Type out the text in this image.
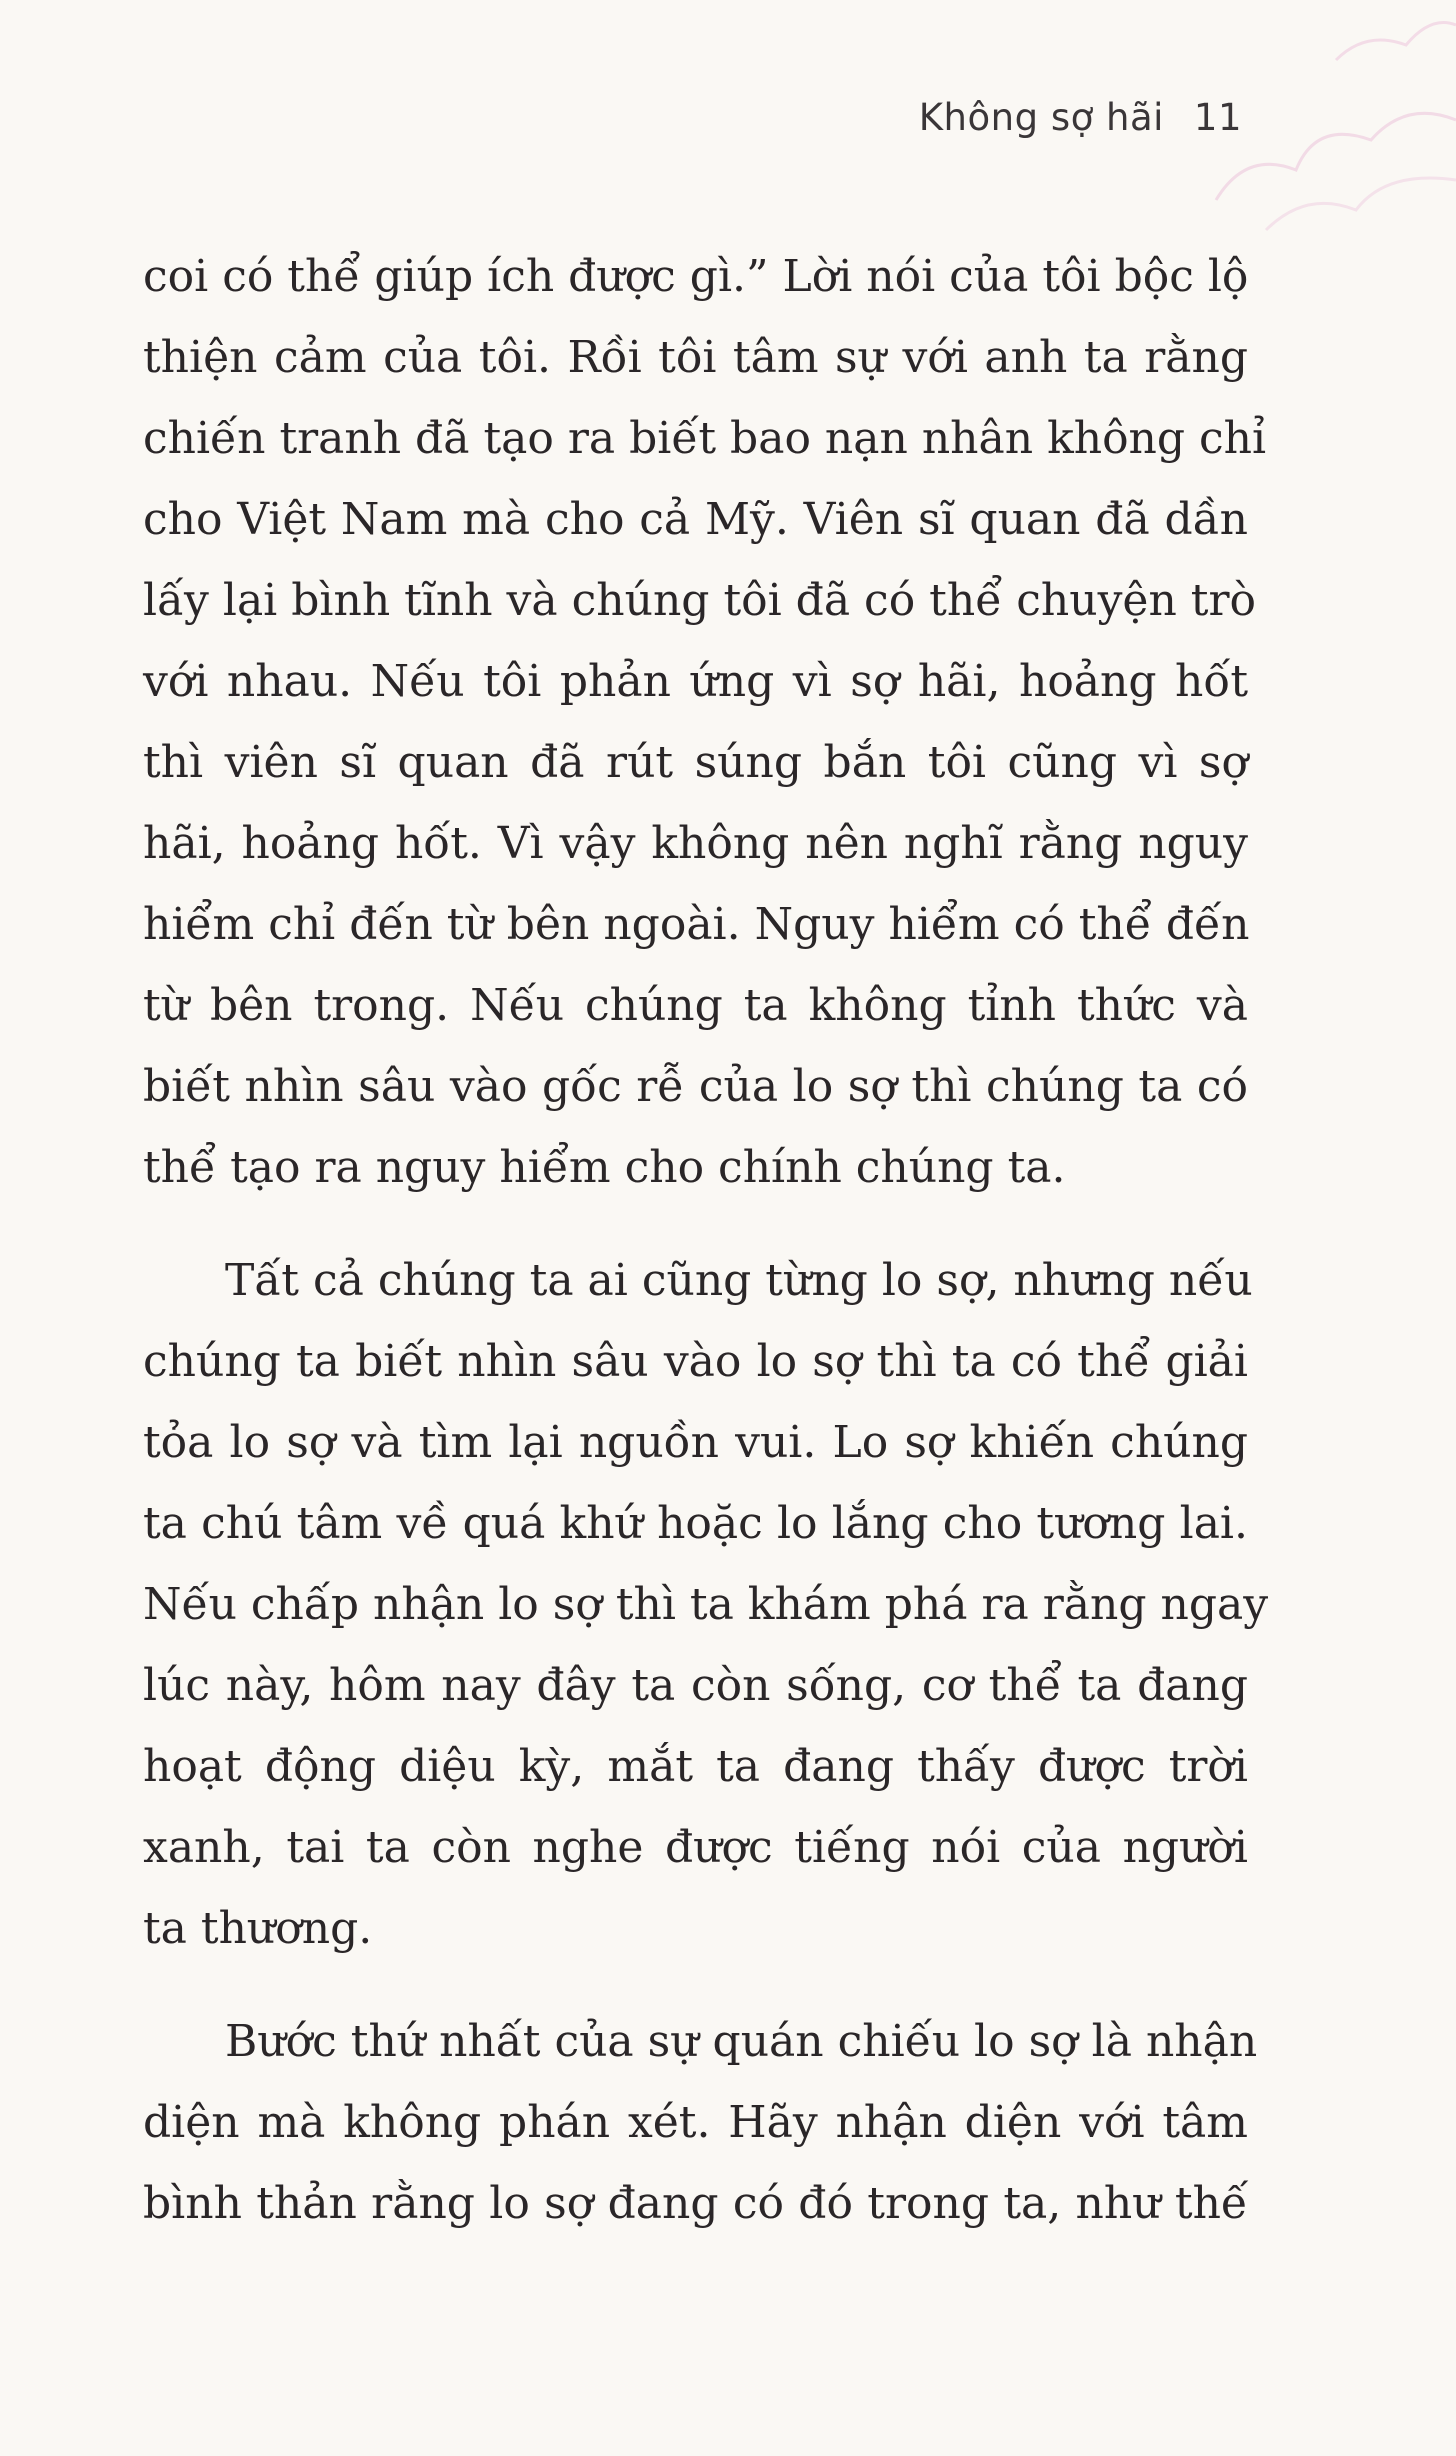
Không sợ hãi 11

coi có thể giúp ích được gì.” Lời nói của tôi bộc lộ
thiện cảm của tôi. Rồi tôi tâm sự với anh ta rằng
chiến tranh đã tạo ra biết bao nạn nhân không chỉ
cho Việt Nam mà cho cả Mỹ. Viên sĩ quan đã dần
lấy lại bình tĩnh và chúng tôi đã có thể chuyện trò
với nhau. Nếu tôi phản ứng vì sợ hãi, hoảng hốt
thì viên sĩ quan đã rút súng bắn tôi cũng vì sợ
hãi, hoảng hốt. Vì vậy không nên nghĩ rằng nguy
hiểm chỉ đến từ bên ngoài. Nguy hiểm có thể đến
từ bên trong. Nếu chúng ta không tỉnh thức và
biết nhìn sâu vào gốc rễ của lo sợ thì chúng ta có
thể tạo ra nguy hiểm cho chính chúng ta.

Tất cả chúng ta ai cũng từng lo sợ, nhưng nếu
chúng ta biết nhìn sâu vào lo sợ thì ta có thể giải
tỏa lo sợ và tìm lại nguồn vui. Lo sợ khiến chúng
ta chú tâm về quá khứ hoặc lo lắng cho tương lai.
Nếu chấp nhận lo sợ thì ta khám phá ra rằng ngay
lúc này, hôm nay đây ta còn sống, cơ thể ta đang
hoạt động diệu kỳ, mắt ta đang thấy được trời
xanh, tai ta còn nghe được tiếng nói của người
ta thương.

Bước thứ nhất của sự quán chiếu lo sợ là nhận
diện mà không phán xét. Hãy nhận diện với tâm
bình thản rằng lo sợ đang có đó trong ta, như thế
